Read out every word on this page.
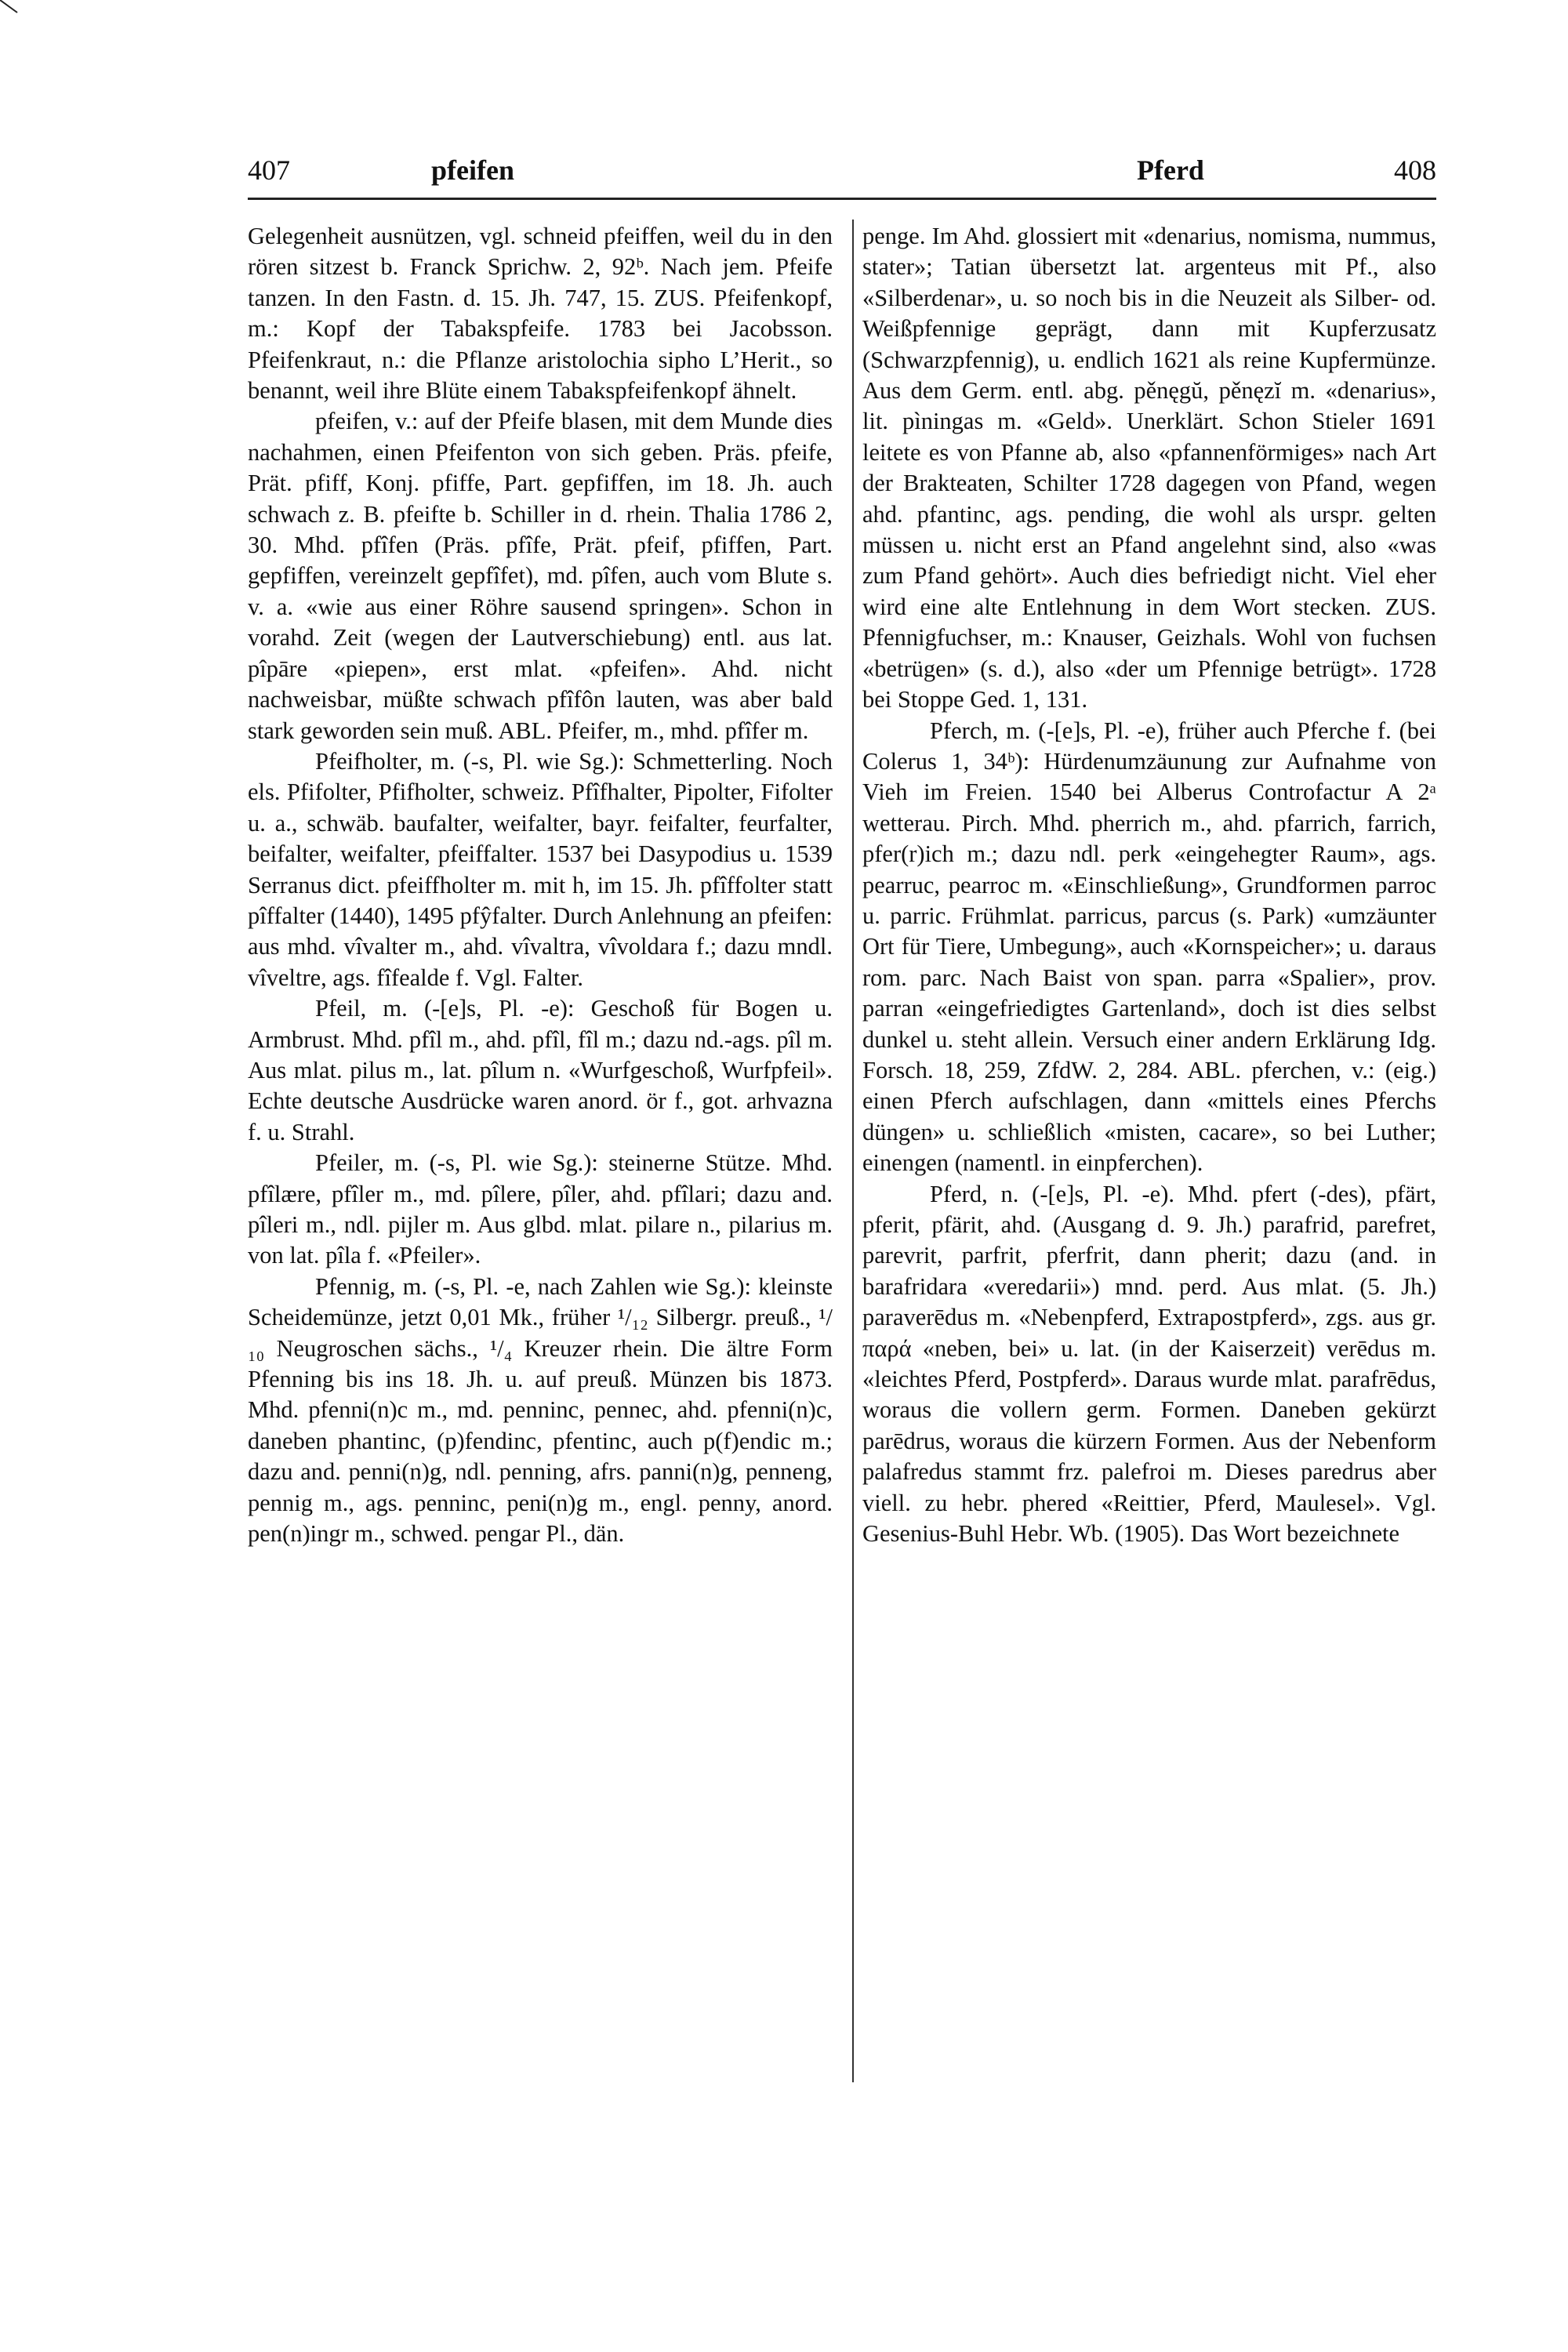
407	pfeifen	Pferd	408

Gelegenheit ausnützen, vgl. schneid pfeiffen, weil du in den rören sitzest b. Franck Sprichw. 2, 92ᵇ. Nach jem. Pfeife tanzen. In den Fastn. d. 15. Jh. 747, 15. ZUS. Pfeifenkopf, m.: Kopf der Tabakspfeife. 1783 bei Jacobsson. Pfeifenkraut, n.: die Pflanze aristolochia sipho L’Herit., so benannt, weil ihre Blüte einem Tabakspfeifenkopf ähnelt.

pfeifen, v.: auf der Pfeife blasen, mit dem Munde dies nachahmen, einen Pfeifenton von sich geben. Präs. pfeife, Prät. pfiff, Konj. pfiffe, Part. gepfiffen, im 18. Jh. auch schwach z. B. pfeifte b. Schiller in d. rhein. Thalia 1786 2, 30. Mhd. pfîfen (Präs. pfîfe, Prät. pfeif, pfiffen, Part. gepfiffen, vereinzelt gepfîfet), md. pîfen, auch vom Blute s. v. a. «wie aus einer Röhre sausend springen». Schon in vorahd. Zeit (wegen der Lautverschiebung) entl. aus lat. pîpāre «piepen», erst mlat. «pfeifen». Ahd. nicht nachweisbar, müßte schwach pfîfôn lauten, was aber bald stark geworden sein muß. ABL. Pfeifer, m., mhd. pfîfer m.

Pfeifholter, m. (-s, Pl. wie Sg.): Schmetterling. Noch els. Pfifolter, Pfifholter, schweiz. Pfîfhalter, Pipolter, Fifolter u. a., schwäb. baufalter, weifalter, bayr. feifalter, feurfalter, beifalter, weifalter, pfeiffalter. 1537 bei Dasypodius u. 1539 Serranus dict. pfeiffholter m. mit h, im 15. Jh. pfîffolter statt pîffalter (1440), 1495 pfŷfalter. Durch Anlehnung an pfeifen: aus mhd. vîvalter m., ahd. vîvaltra, vîvoldara f.; dazu mndl. vîveltre, ags. fîfealde f. Vgl. Falter.

Pfeil, m. (-[e]s, Pl. -e): Geschoß für Bogen u. Armbrust. Mhd. pfîl m., ahd. pfîl, fîl m.; dazu nd.-ags. pîl m. Aus mlat. pilus m., lat. pîlum n. «Wurfgeschoß, Wurfpfeil». Echte deutsche Ausdrücke waren anord. ör f., got. arhvazna f. u. Strahl.

Pfeiler, m. (-s, Pl. wie Sg.): steinerne Stütze. Mhd. pfîlære, pfîler m., md. pîlere, pîler, ahd. pfîlari; dazu and. pîleri m., ndl. pijler m. Aus glbd. mlat. pilare n., pilarius m. von lat. pîla f. «Pfeiler».

Pfennig, m. (-s, Pl. -e, nach Zahlen wie Sg.): kleinste Scheidemünze, jetzt 0,01 Mk., früher ¹/₁₂ Silbergr. preuß., ¹/₁₀ Neugroschen sächs., ¹/₄ Kreuzer rhein. Die ältre Form Pfenning bis ins 18. Jh. u. auf preuß. Münzen bis 1873. Mhd. pfenni(n)c m., md. penninc, pennec, ahd. pfenni(n)c, daneben phantinc, (p)fendinc, pfentinc, auch p(f)endic m.; dazu and. penni(n)g, ndl. penning, afrs. panni(n)g, penneng, pennig m., ags. penninc, peni(n)g m., engl. penny, anord. pen(n)ingr m., schwed. pengar Pl., dän.

penge. Im Ahd. glossiert mit «denarius, nomisma, nummus, stater»; Tatian übersetzt lat. argenteus mit Pf., also «Silberdenar», u. so noch bis in die Neuzeit als Silber- od. Weißpfennige geprägt, dann mit Kupferzusatz (Schwarzpfennig), u. endlich 1621 als reine Kupfermünze. Aus dem Germ. entl. abg. pěnęgŭ, pěnęzĭ m. «denarius», lit. pìningas m. «Geld». Unerklärt. Schon Stieler 1691 leitete es von Pfanne ab, also «pfannenförmiges» nach Art der Brakteaten, Schilter 1728 dagegen von Pfand, wegen ahd. pfantinc, ags. pending, die wohl als urspr. gelten müssen u. nicht erst an Pfand angelehnt sind, also «was zum Pfand gehört». Auch dies befriedigt nicht. Viel eher wird eine alte Entlehnung in dem Wort stecken. ZUS. Pfennigfuchser, m.: Knauser, Geizhals. Wohl von fuchsen «betrügen» (s. d.), also «der um Pfennige betrügt». 1728 bei Stoppe Ged. 1, 131.

Pferch, m. (-[e]s, Pl. -e), früher auch Pferche f. (bei Colerus 1, 34ᵇ): Hürdenumzäunung zur Aufnahme von Vieh im Freien. 1540 bei Alberus Controfactur A 2ᵃ wetterau. Pirch. Mhd. pherrich m., ahd. pfarrich, farrich, pfer(r)ich m.; dazu ndl. perk «eingehegter Raum», ags. pearruc, pearroc m. «Einschließung», Grundformen parroc u. parric. Frühmlat. parricus, parcus (s. Park) «umzäunter Ort für Tiere, Umbegung», auch «Kornspeicher»; u. daraus rom. parc. Nach Baist von span. parra «Spalier», prov. parran «eingefriedigtes Gartenland», doch ist dies selbst dunkel u. steht allein. Versuch einer andern Erklärung Idg. Forsch. 18, 259, ZfdW. 2, 284. ABL. pferchen, v.: (eig.) einen Pferch aufschlagen, dann «mittels eines Pferchs düngen» u. schließlich «misten, cacare», so bei Luther; einengen (namentl. in einpferchen).

Pferd, n. (-[e]s, Pl. -e). Mhd. pfert (-des), pfärt, pferit, pfärit, ahd. (Ausgang d. 9. Jh.) parafrid, parefret, parevrit, parfrit, pferfrit, dann pherit; dazu (and. in barafridara «veredarii») mnd. perd. Aus mlat. (5. Jh.) paraverēdus m. «Nebenpferd, Extrapostpferd», zgs. aus gr. παρά «neben, bei» u. lat. (in der Kaiserzeit) verēdus m. «leichtes Pferd, Postpferd». Daraus wurde mlat. parafrēdus, woraus die vollern germ. Formen. Daneben gekürzt parēdrus, woraus die kürzern Formen. Aus der Nebenform palafredus stammt frz. palefroi m. Dieses paredrus aber viell. zu hebr. phered «Reittier, Pferd, Maulesel». Vgl. Gesenius-Buhl Hebr. Wb. (1905). Das Wort bezeichnete
